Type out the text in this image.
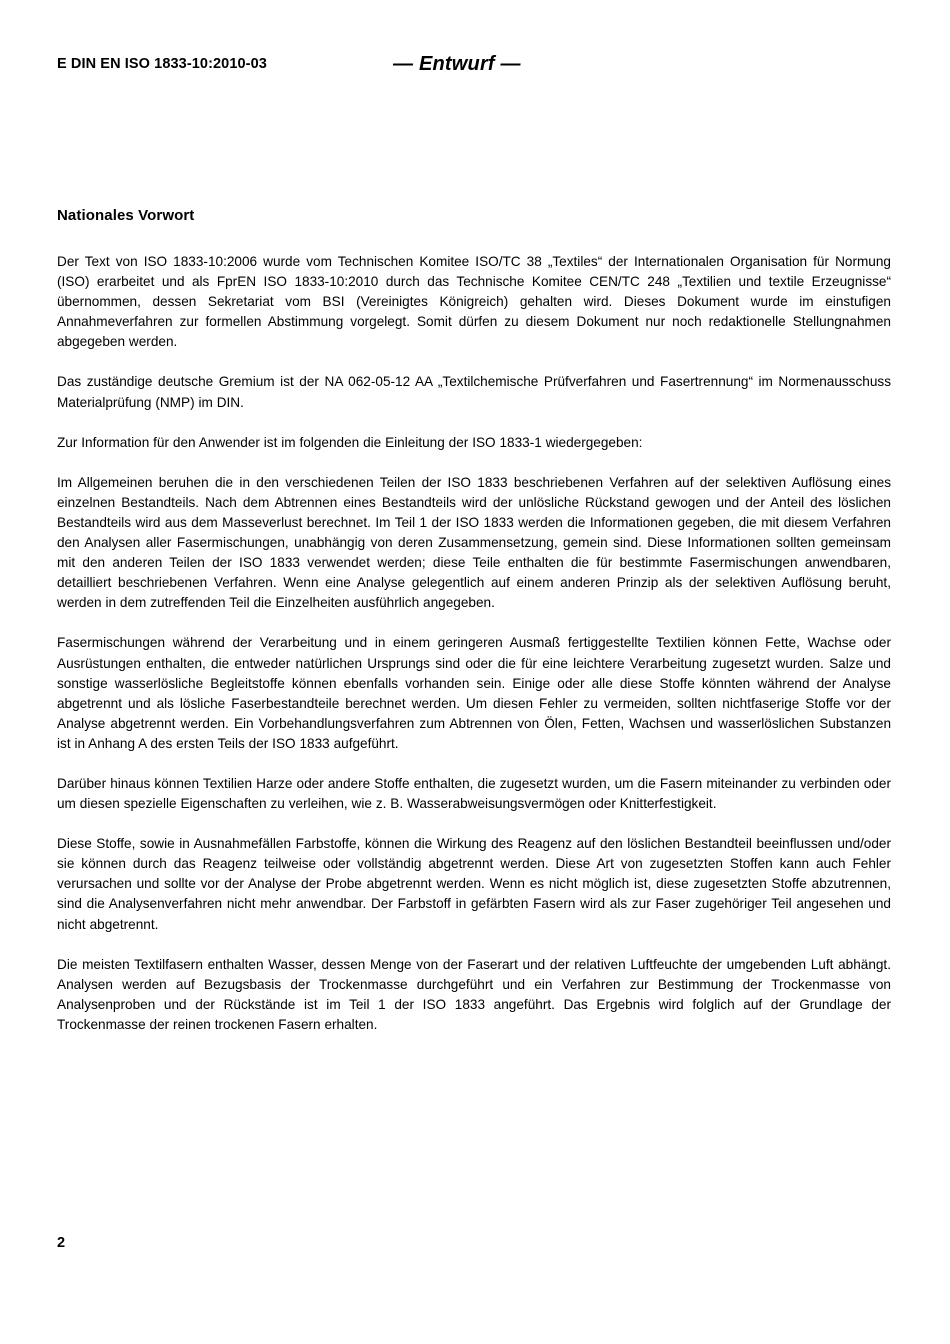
E DIN EN ISO 1833-10:2010-03	— Entwurf —
Nationales Vorwort

Der Text von ISO 1833-10:2006 wurde vom Technischen Komitee ISO/TC 38 „Textiles“ der Internationalen Organisation für Normung (ISO) erarbeitet und als FprEN ISO 1833-10:2010 durch das Technische Komitee CEN/TC 248 „Textilien und textile Erzeugnisse“ übernommen, dessen Sekretariat vom BSI (Vereinigtes Königreich) gehalten wird. Dieses Dokument wurde im einstufigen Annahmeverfahren zur formellen Abstimmung vorgelegt. Somit dürfen zu diesem Dokument nur noch redaktionelle Stellungnahmen abgegeben werden.

Das zuständige deutsche Gremium ist der NA 062-05-12 AA „Textilchemische Prüfverfahren und Fasertrennung“ im Normenausschuss Materialprüfung (NMP) im DIN.

Zur Information für den Anwender ist im folgenden die Einleitung der ISO 1833-1 wiedergegeben:

Im Allgemeinen beruhen die in den verschiedenen Teilen der ISO 1833 beschriebenen Verfahren auf der selektiven Auflösung eines einzelnen Bestandteils. Nach dem Abtrennen eines Bestandteils wird der unlösliche Rückstand gewogen und der Anteil des löslichen Bestandteils wird aus dem Masseverlust berechnet. Im Teil 1 der ISO 1833 werden die Informationen gegeben, die mit diesem Verfahren den Analysen aller Fasermischungen, unabhängig von deren Zusammensetzung, gemein sind. Diese Informationen sollten gemeinsam mit den anderen Teilen der ISO 1833 verwendet werden; diese Teile enthalten die für bestimmte Fasermischungen anwendbaren, detailliert beschriebenen Verfahren. Wenn eine Analyse gelegentlich auf einem anderen Prinzip als der selektiven Auflösung beruht, werden in dem zutreffenden Teil die Einzelheiten ausführlich angegeben.

Fasermischungen während der Verarbeitung und in einem geringeren Ausmaß fertiggestellte Textilien können Fette, Wachse oder Ausrüstungen enthalten, die entweder natürlichen Ursprungs sind oder die für eine leichtere Verarbeitung zugesetzt wurden. Salze und sonstige wasserlösliche Begleitstoffe können ebenfalls vorhanden sein. Einige oder alle diese Stoffe könnten während der Analyse abgetrennt und als lösliche Faserbestandteile berechnet werden. Um diesen Fehler zu vermeiden, sollten nichtfaserige Stoffe vor der Analyse abgetrennt werden. Ein Vorbehandlungsverfahren zum Abtrennen von Ölen, Fetten, Wachsen und wasserlöslichen Substanzen ist in Anhang A des ersten Teils der ISO 1833 aufgeführt.

Darüber hinaus können Textilien Harze oder andere Stoffe enthalten, die zugesetzt wurden, um die Fasern miteinander zu verbinden oder um diesen spezielle Eigenschaften zu verleihen, wie z. B. Wasserabweisungsvermögen oder Knitterfestigkeit.

Diese Stoffe, sowie in Ausnahmefällen Farbstoffe, können die Wirkung des Reagenz auf den löslichen Bestandteil beeinflussen und/oder sie können durch das Reagenz teilweise oder vollständig abgetrennt werden. Diese Art von zugesetzten Stoffen kann auch Fehler verursachen und sollte vor der Analyse der Probe abgetrennt werden. Wenn es nicht möglich ist, diese zugesetzten Stoffe abzutrennen, sind die Analysenverfahren nicht mehr anwendbar. Der Farbstoff in gefärbten Fasern wird als zur Faser zugehöriger Teil angesehen und nicht abgetrennt.

Die meisten Textilfasern enthalten Wasser, dessen Menge von der Faserart und der relativen Luftfeuchte der umgebenden Luft abhängt. Analysen werden auf Bezugsbasis der Trockenmasse durchgeführt und ein Verfahren zur Bestimmung der Trockenmasse von Analysenproben und der Rückstände ist im Teil 1 der ISO 1833 angeführt. Das Ergebnis wird folglich auf der Grundlage der Trockenmasse der reinen trockenen Fasern erhalten.

2
